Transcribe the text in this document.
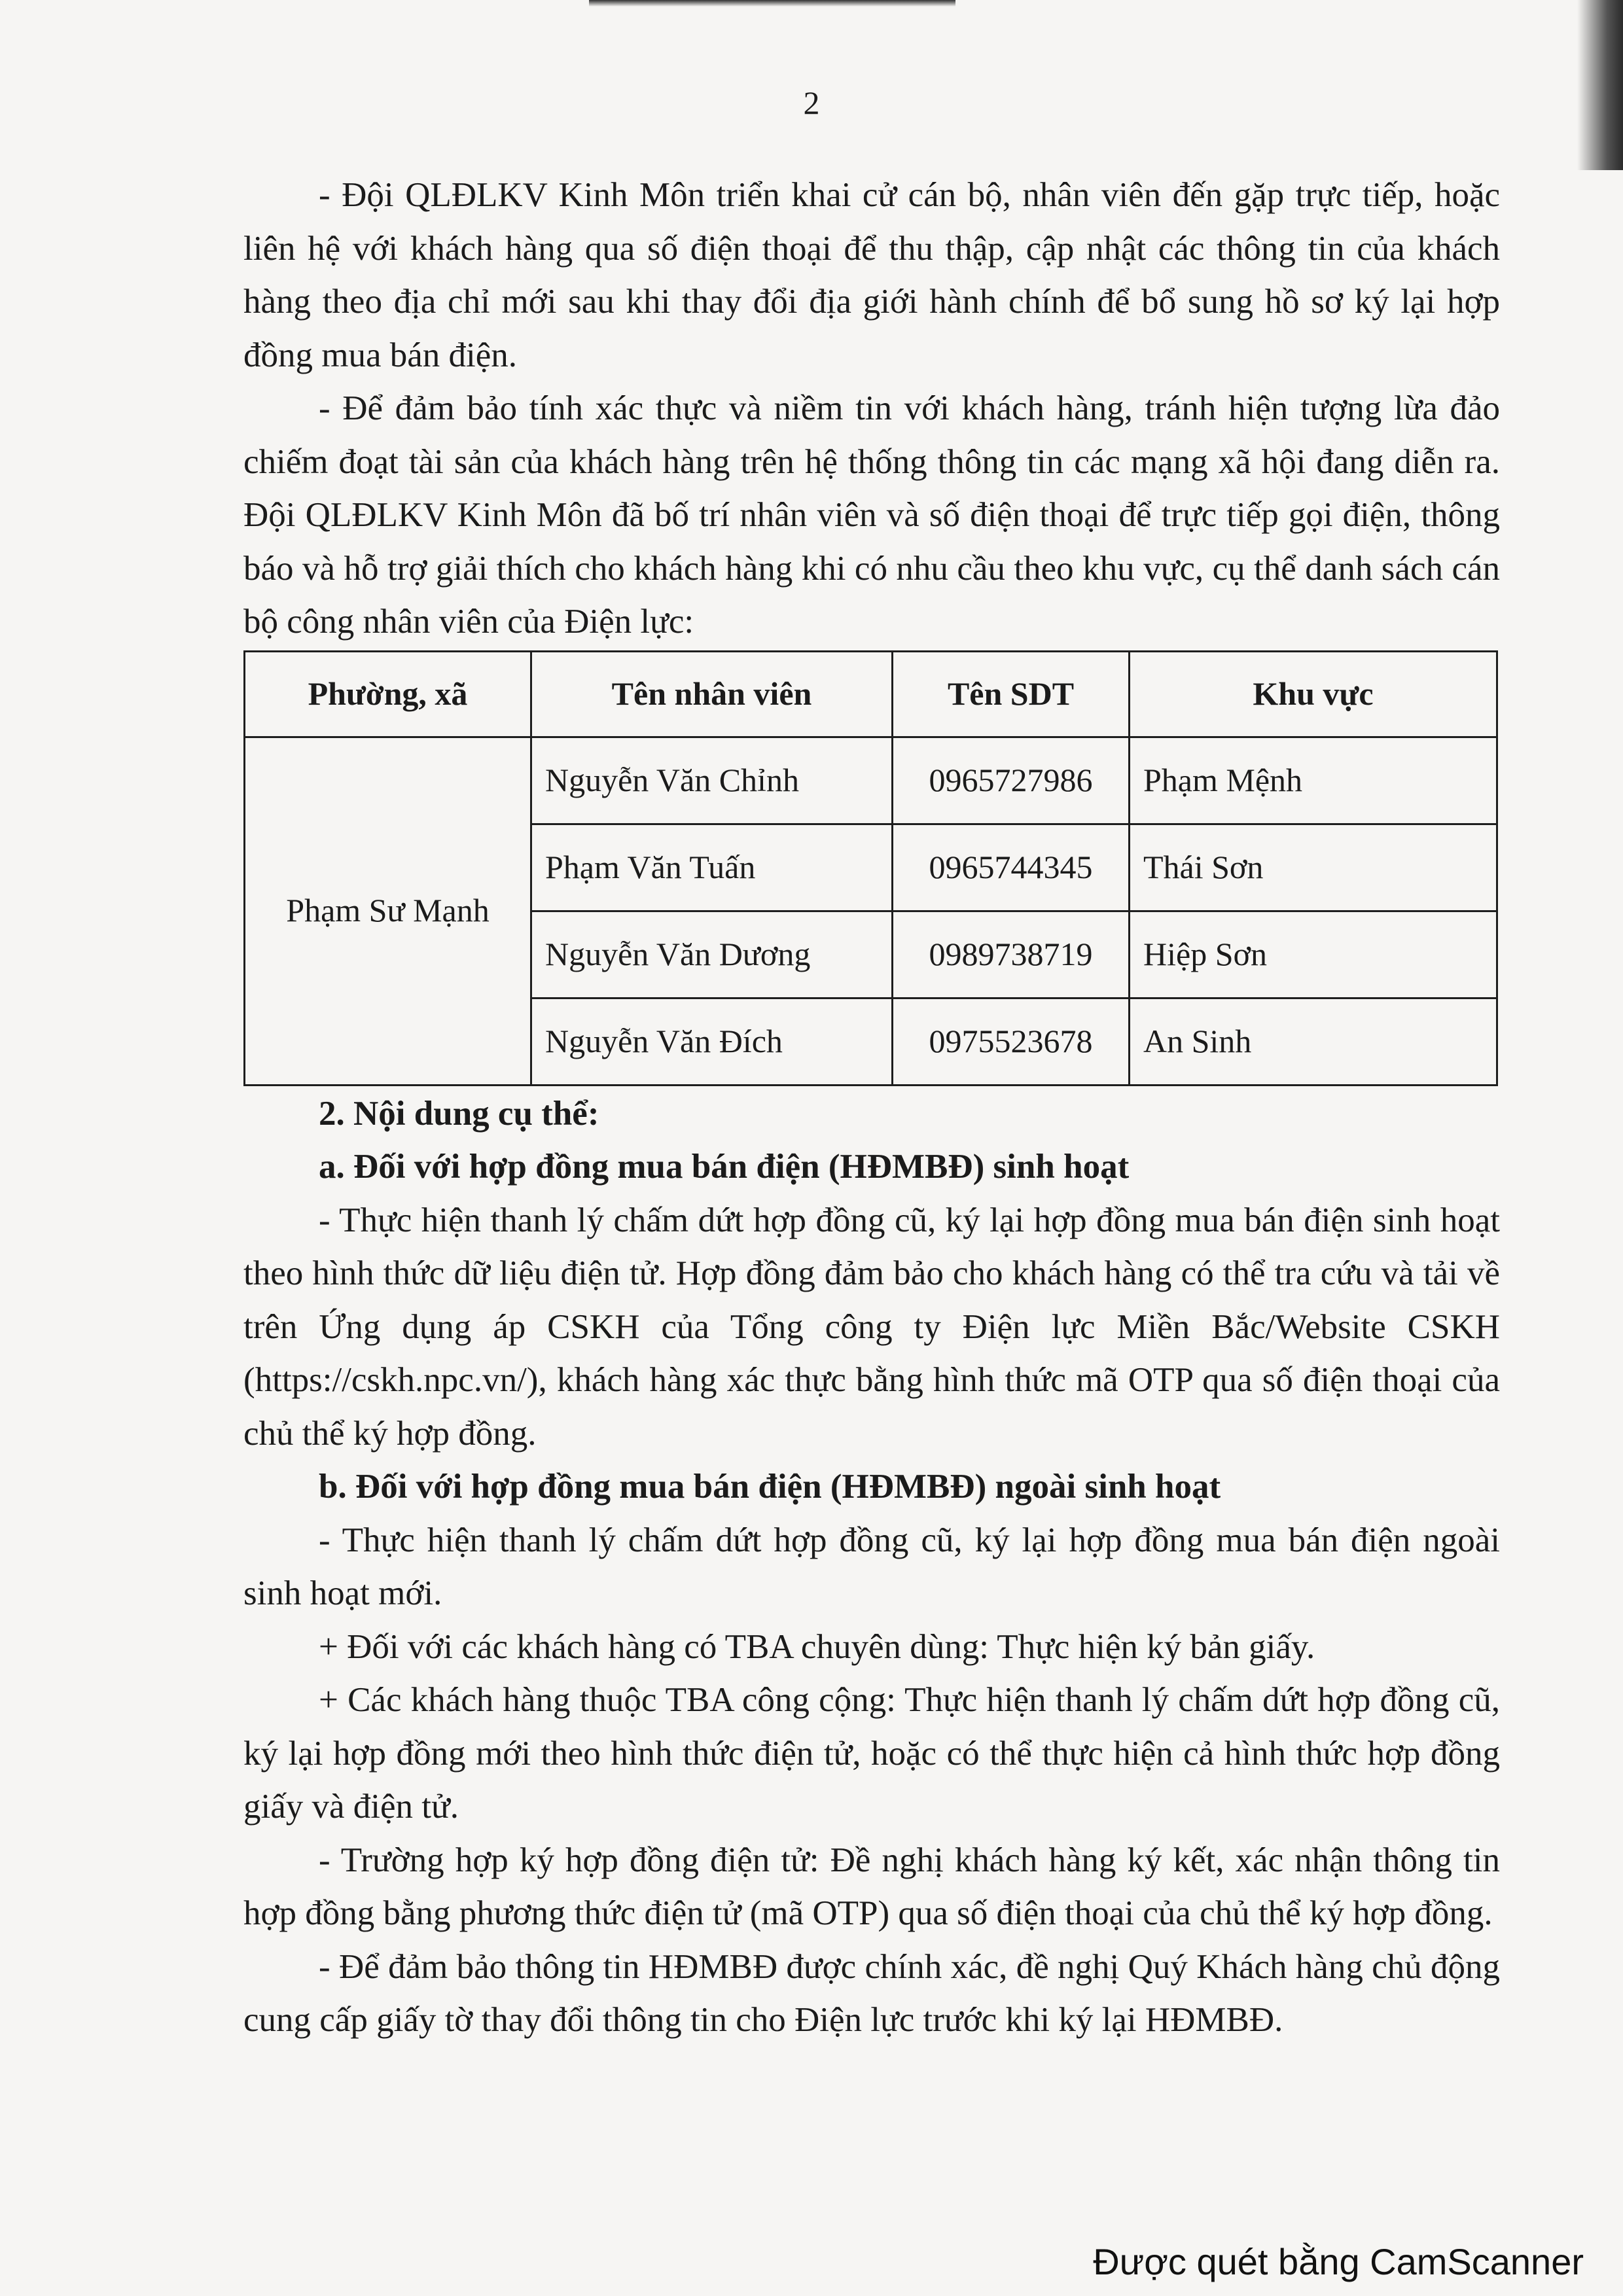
2

- Đội QLĐLKV Kinh Môn triển khai cử cán bộ, nhân viên đến gặp trực tiếp, hoặc liên hệ với khách hàng qua số điện thoại để thu thập, cập nhật các thông tin của khách hàng theo địa chỉ mới sau khi thay đổi địa giới hành chính để bổ sung hồ sơ ký lại hợp đồng mua bán điện.

- Để đảm bảo tính xác thực và niềm tin với khách hàng, tránh hiện tượng lừa đảo chiếm đoạt tài sản của khách hàng trên hệ thống thông tin các mạng xã hội đang diễn ra. Đội QLĐLKV Kinh Môn đã bố trí nhân viên và số điện thoại để trực tiếp gọi điện, thông báo và hỗ trợ giải thích cho khách hàng khi có nhu cầu theo khu vực, cụ thể danh sách cán bộ công nhân viên của Điện lực:

Phường, xã	Tên nhân viên	Tên SDT	Khu vực
Phạm Sư Mạnh	Nguyễn Văn Chỉnh	0965727986	Phạm Mệnh
	Phạm Văn Tuấn	0965744345	Thái Sơn
	Nguyễn Văn Dương	0989738719	Hiệp Sơn
	Nguyễn Văn Đích	0975523678	An Sinh

2. Nội dung cụ thể:

a. Đối với hợp đồng mua bán điện (HĐMBĐ) sinh hoạt

- Thực hiện thanh lý chấm dứt hợp đồng cũ, ký lại hợp đồng mua bán điện sinh hoạt theo hình thức dữ liệu điện tử. Hợp đồng đảm bảo cho khách hàng có thể tra cứu và tải về trên Ứng dụng áp CSKH của Tổng công ty Điện lực Miền Bắc/Website CSKH (https://cskh.npc.vn/), khách hàng xác thực bằng hình thức mã OTP qua số điện thoại của chủ thể ký hợp đồng.

b. Đối với hợp đồng mua bán điện (HĐMBĐ) ngoài sinh hoạt

- Thực hiện thanh lý chấm dứt hợp đồng cũ, ký lại hợp đồng mua bán điện ngoài sinh hoạt mới.

+ Đối với các khách hàng có TBA chuyên dùng: Thực hiện ký bản giấy.

+ Các khách hàng thuộc TBA công cộng: Thực hiện thanh lý chấm dứt hợp đồng cũ, ký lại hợp đồng mới theo hình thức điện tử, hoặc có thể thực hiện cả hình thức hợp đồng giấy và điện tử.

- Trường hợp ký hợp đồng điện tử: Đề nghị khách hàng ký kết, xác nhận thông tin hợp đồng bằng phương thức điện tử (mã OTP) qua số điện thoại của chủ thể ký hợp đồng.

- Để đảm bảo thông tin HĐMBĐ được chính xác, đề nghị Quý Khách hàng chủ động cung cấp giấy tờ thay đổi thông tin cho Điện lực trước khi ký lại HĐMBĐ.

Được quét bằng CamScanner
